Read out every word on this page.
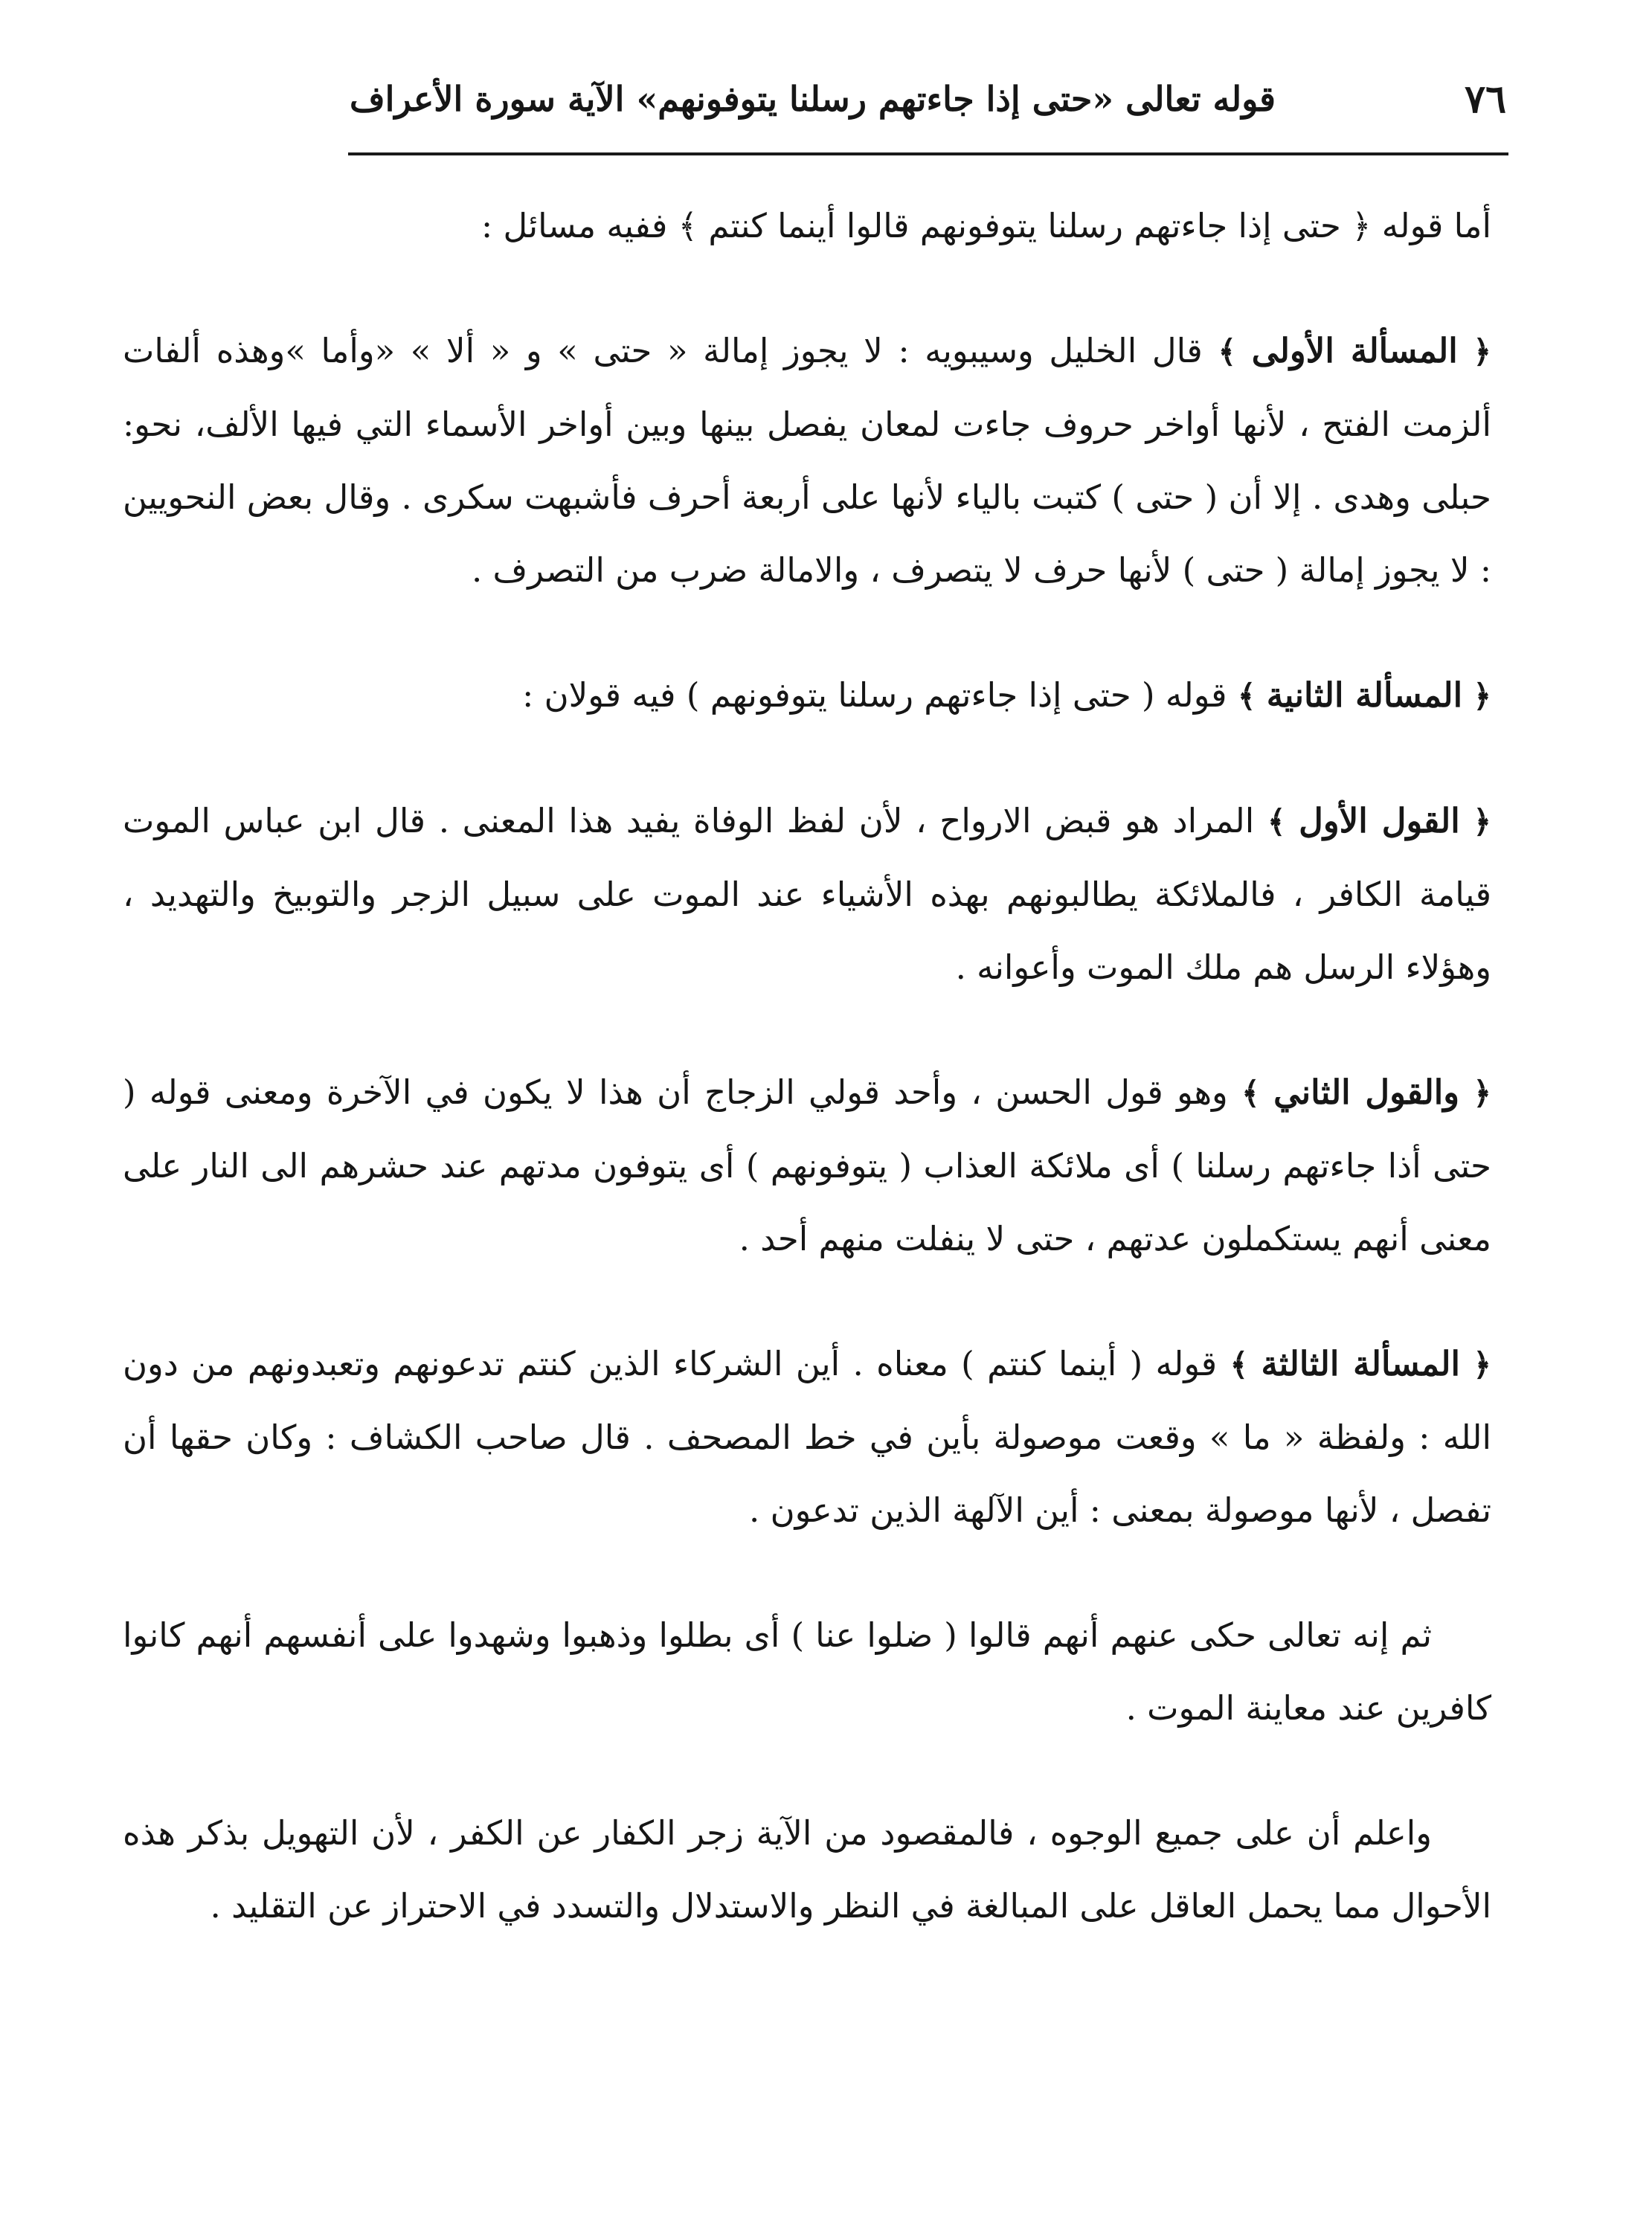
٧٦
قوله تعالى «حتى إذا جاءتهم رسلنا يتوفونهم» الآية سورة الأعراف

أما قوله ﴿ حتى إذا جاءتهم رسلنا يتوفونهم قالوا أينما كنتم ﴾ ففيه مسائل :

﴿ المسألة الأولى ﴾ قال الخليل وسيبويه : لا يجوز إمالة « حتى » و « ألا » «وأما »وهذه ألفات ألزمت الفتح ، لأنها أواخر حروف جاءت لمعان يفصل بينها وبين أواخر الأسماء التي فيها الألف، نحو: حبلى وهدى . إلا أن ( حتى ) كتبت بالياء لأنها على أربعة أحرف فأشبهت سكرى . وقال بعض النحويين : لا يجوز إمالة ( حتى ) لأنها حرف لا يتصرف ، والامالة ضرب من التصرف .

﴿ المسألة الثانية ﴾ قوله ( حتى إذا جاءتهم رسلنا يتوفونهم ) فيه قولان :

﴿ القول الأول ﴾ المراد هو قبض الارواح ، لأن لفظ الوفاة يفيد هذا المعنى . قال ابن عباس الموت قيامة الكافر ، فالملائكة يطالبونهم بهذه الأشياء عند الموت على سبيل الزجر والتوبيخ والتهديد ، وهؤلاء الرسل هم ملك الموت وأعوانه .

﴿ والقول الثاني ﴾ وهو قول الحسن ، وأحد قولي الزجاج أن هذا لا يكون في الآخرة ومعنى قوله ( حتى أذا جاءتهم رسلنا ) أى ملائكة العذاب ( يتوفونهم ) أى يتوفون مدتهم عند حشرهم الى النار على معنى أنهم يستكملون عدتهم ، حتى لا ينفلت منهم أحد .

﴿ المسألة الثالثة ﴾ قوله ( أينما كنتم ) معناه . أين الشركاء الذين كنتم تدعونهم وتعبدونهم من دون الله : ولفظة « ما » وقعت موصولة بأين في خط المصحف . قال صاحب الكشاف : وكان حقها أن تفصل ، لأنها موصولة بمعنى : أين الآلهة الذين تدعون .

ثم إنه تعالى حكى عنهم أنهم قالوا ( ضلوا عنا ) أى بطلوا وذهبوا وشهدوا على أنفسهم أنهم كانوا كافرين عند معاينة الموت .

واعلم أن على جميع الوجوه ، فالمقصود من الآية زجر الكفار عن الكفر ، لأن التهويل بذكر هذه الأحوال مما يحمل العاقل على المبالغة في النظر والاستدلال والتسدد في الاحتراز عن التقليد .
